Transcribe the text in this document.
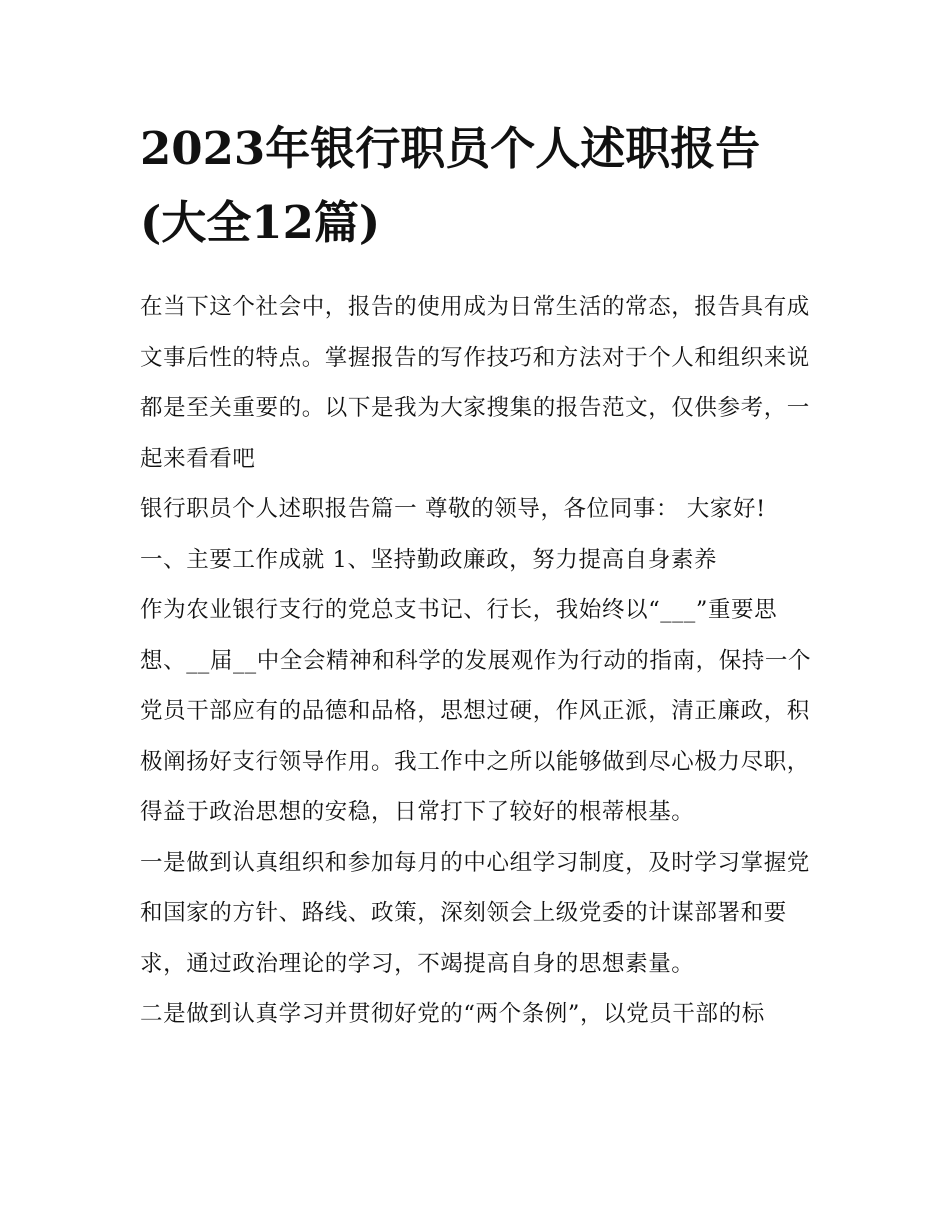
2023年银行职员个人述职报告(大全12篇)

在当下这个社会中，报告的使用成为日常生活的常态，报告具有成文事后性的特点。掌握报告的写作技巧和方法对于个人和组织来说都是至关重要的。以下是我为大家搜集的报告范文，仅供参考，一起来看看吧

银行职员个人述职报告篇一 尊敬的领导，各位同事： 大家好!

一、主要工作成就 1、坚持勤政廉政，努力提高自身素养

作为农业银行支行的党总支书记、行长，我始终以“___”重要思想、__届__中全会精神和科学的发展观作为行动的指南，保持一个党员干部应有的品德和品格，思想过硬，作风正派，清正廉政，积极阐扬好支行领导作用。我工作中之所以能够做到尽心极力尽职，得益于政治思想的安稳，日常打下了较好的根蒂根基。

一是做到认真组织和参加每月的中心组学习制度，及时学习掌握党和国家的方针、路线、政策，深刻领会上级党委的计谋部署和要求，通过政治理论的学习，不竭提高自身的思想素量。

二是做到认真学习并贯彻好党的“两个条例”，以党员干部的标
